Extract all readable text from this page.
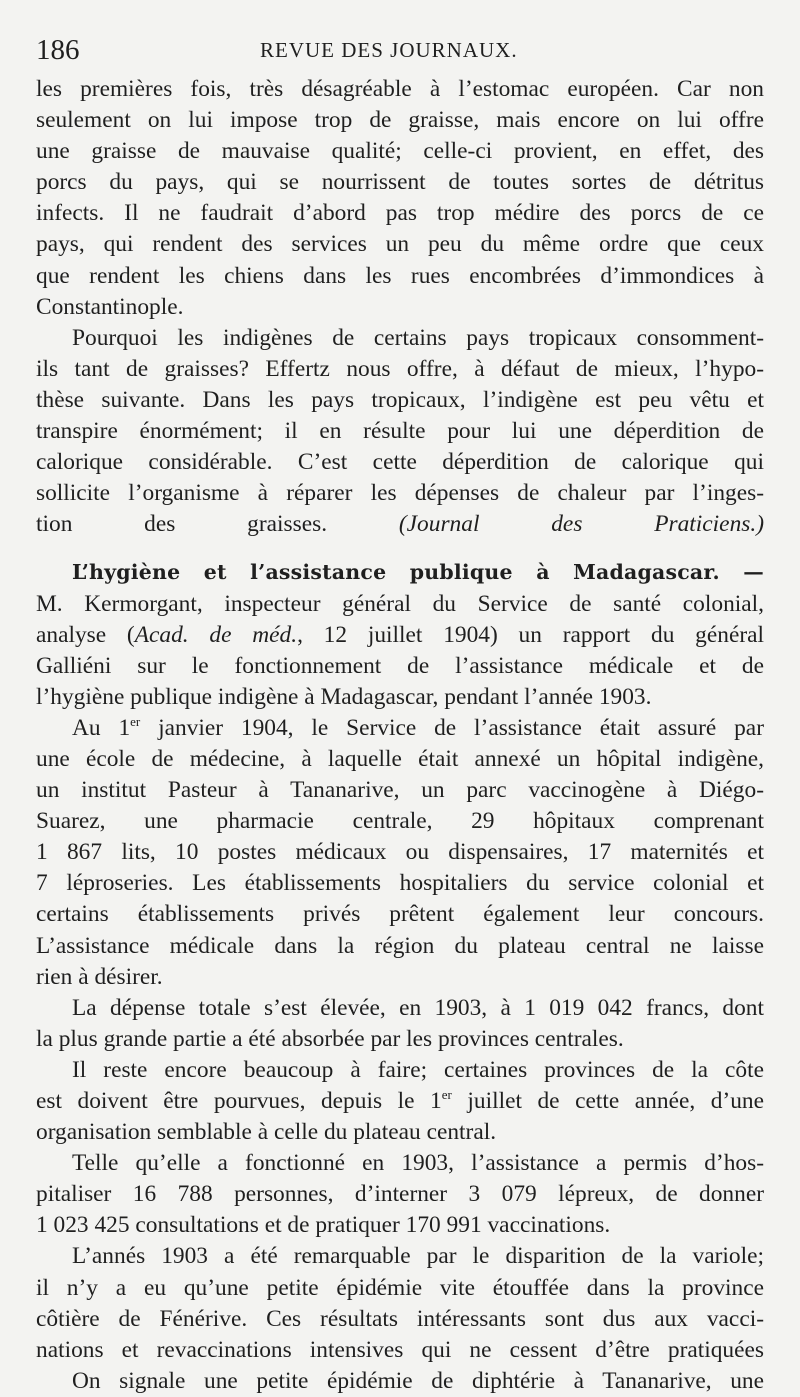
186	REVUE DES JOURNAUX.
les premières fois, très désagréable à l’estomac européen. Car non
seulement on lui impose trop de graisse, mais encore on lui offre
une graisse de mauvaise qualité; celle-ci provient, en effet, des
porcs du pays, qui se nourrissent de toutes sortes de détritus
infects. Il ne faudrait d’abord pas trop médire des porcs de ce
pays, qui rendent des services un peu du même ordre que ceux
que rendent les chiens dans les rues encombrées d’immondices à
Constantinople.
Pourquoi les indigènes de certains pays tropicaux consomment-
ils tant de graisses? Effertz nous offre, à défaut de mieux, l’hypo-
thèse suivante. Dans les pays tropicaux, l’indigène est peu vêtu et
transpire énormément; il en résulte pour lui une déperdition de
calorique considérable. C’est cette déperdition de calorique qui
sollicite l’organisme à réparer les dépenses de chaleur par l’inges-
tion des graisses.	(Journal des Praticiens.)
L’hygiène et l’assistance publique à Madagascar. —
M. Kermorgant, inspecteur général du Service de santé colonial,
analyse (Acad. de méd., 12 juillet 1904) un rapport du général
Galliéni sur le fonctionnement de l’assistance médicale et de
l’hygiène publique indigène à Madagascar, pendant l’année 1903.
Au 1er janvier 1904, le Service de l’assistance était assuré par
une école de médecine, à laquelle était annexé un hôpital indigène,
un institut Pasteur à Tananarive, un parc vaccinogène à Diégo-
Suarez, une pharmacie centrale, 29 hôpitaux comprenant
1 867 lits, 10 postes médicaux ou dispensaires, 17 maternités et
7 léproseries. Les établissements hospitaliers du service colonial et
certains établissements privés prêtent également leur concours.
L’assistance médicale dans la région du plateau central ne laisse
rien à désirer.
La dépense totale s’est élevée, en 1903, à 1 019 042 francs, dont
la plus grande partie a été absorbée par les provinces centrales.
Il reste encore beaucoup à faire; certaines provinces de la côte
est doivent être pourvues, depuis le 1er juillet de cette année, d’une
organisation semblable à celle du plateau central.
Telle qu’elle a fonctionné en 1903, l’assistance a permis d’hos-
pitaliser 16 788 personnes, d’interner 3 079 lépreux, de donner
1 023 425 consultations et de pratiquer 170 991 vaccinations.
L’annés 1903 a été remarquable par le disparition de la variole;
il n’y a eu qu’une petite épidémie vite étouffée dans la province
côtière de Fénérive. Ces résultats intéressants sont dus aux vacci-
nations et revaccinations intensives qui ne cessent d’être pratiquées
On signale une petite épidémie de diphtérie à Tananarive, une
